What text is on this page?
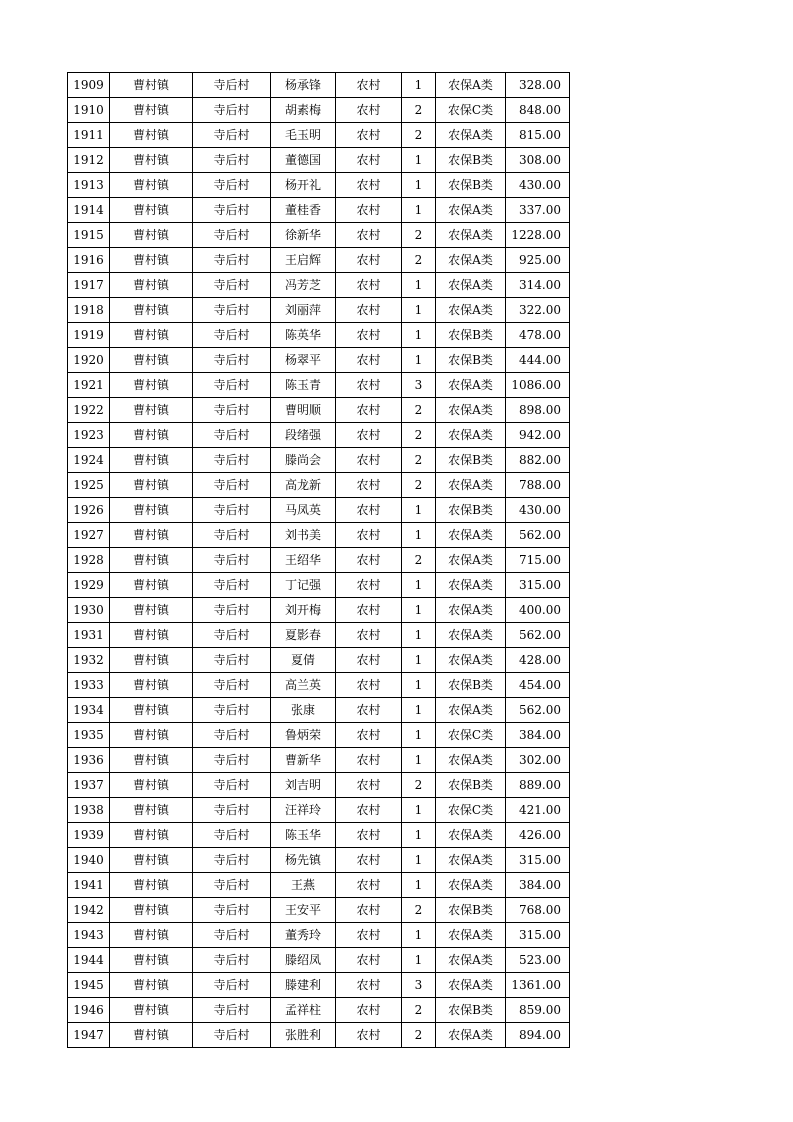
1909	曹村镇	寺后村	杨承锋	农村	1	农保A类	328.00
1910	曹村镇	寺后村	胡素梅	农村	2	农保C类	848.00
1911	曹村镇	寺后村	毛玉明	农村	2	农保A类	815.00
1912	曹村镇	寺后村	董德国	农村	1	农保B类	308.00
1913	曹村镇	寺后村	杨开礼	农村	1	农保B类	430.00
1914	曹村镇	寺后村	董桂香	农村	1	农保A类	337.00
1915	曹村镇	寺后村	徐新华	农村	2	农保A类	1228.00
1916	曹村镇	寺后村	王启辉	农村	2	农保A类	925.00
1917	曹村镇	寺后村	冯芳芝	农村	1	农保A类	314.00
1918	曹村镇	寺后村	刘丽萍	农村	1	农保A类	322.00
1919	曹村镇	寺后村	陈英华	农村	1	农保B类	478.00
1920	曹村镇	寺后村	杨翠平	农村	1	农保B类	444.00
1921	曹村镇	寺后村	陈玉青	农村	3	农保A类	1086.00
1922	曹村镇	寺后村	曹明顺	农村	2	农保A类	898.00
1923	曹村镇	寺后村	段绪强	农村	2	农保A类	942.00
1924	曹村镇	寺后村	滕尚会	农村	2	农保B类	882.00
1925	曹村镇	寺后村	高龙新	农村	2	农保A类	788.00
1926	曹村镇	寺后村	马凤英	农村	1	农保B类	430.00
1927	曹村镇	寺后村	刘书美	农村	1	农保A类	562.00
1928	曹村镇	寺后村	王绍华	农村	2	农保A类	715.00
1929	曹村镇	寺后村	丁记强	农村	1	农保A类	315.00
1930	曹村镇	寺后村	刘开梅	农村	1	农保A类	400.00
1931	曹村镇	寺后村	夏影春	农村	1	农保A类	562.00
1932	曹村镇	寺后村	夏倩	农村	1	农保A类	428.00
1933	曹村镇	寺后村	高兰英	农村	1	农保B类	454.00
1934	曹村镇	寺后村	张康	农村	1	农保A类	562.00
1935	曹村镇	寺后村	鲁炳荣	农村	1	农保C类	384.00
1936	曹村镇	寺后村	曹新华	农村	1	农保A类	302.00
1937	曹村镇	寺后村	刘吉明	农村	2	农保B类	889.00
1938	曹村镇	寺后村	汪祥玲	农村	1	农保C类	421.00
1939	曹村镇	寺后村	陈玉华	农村	1	农保A类	426.00
1940	曹村镇	寺后村	杨先镇	农村	1	农保A类	315.00
1941	曹村镇	寺后村	王燕	农村	1	农保A类	384.00
1942	曹村镇	寺后村	王安平	农村	2	农保B类	768.00
1943	曹村镇	寺后村	董秀玲	农村	1	农保A类	315.00
1944	曹村镇	寺后村	滕绍凤	农村	1	农保A类	523.00
1945	曹村镇	寺后村	滕建利	农村	3	农保A类	1361.00
1946	曹村镇	寺后村	孟祥柱	农村	2	农保B类	859.00
1947	曹村镇	寺后村	张胜利	农村	2	农保A类	894.00
